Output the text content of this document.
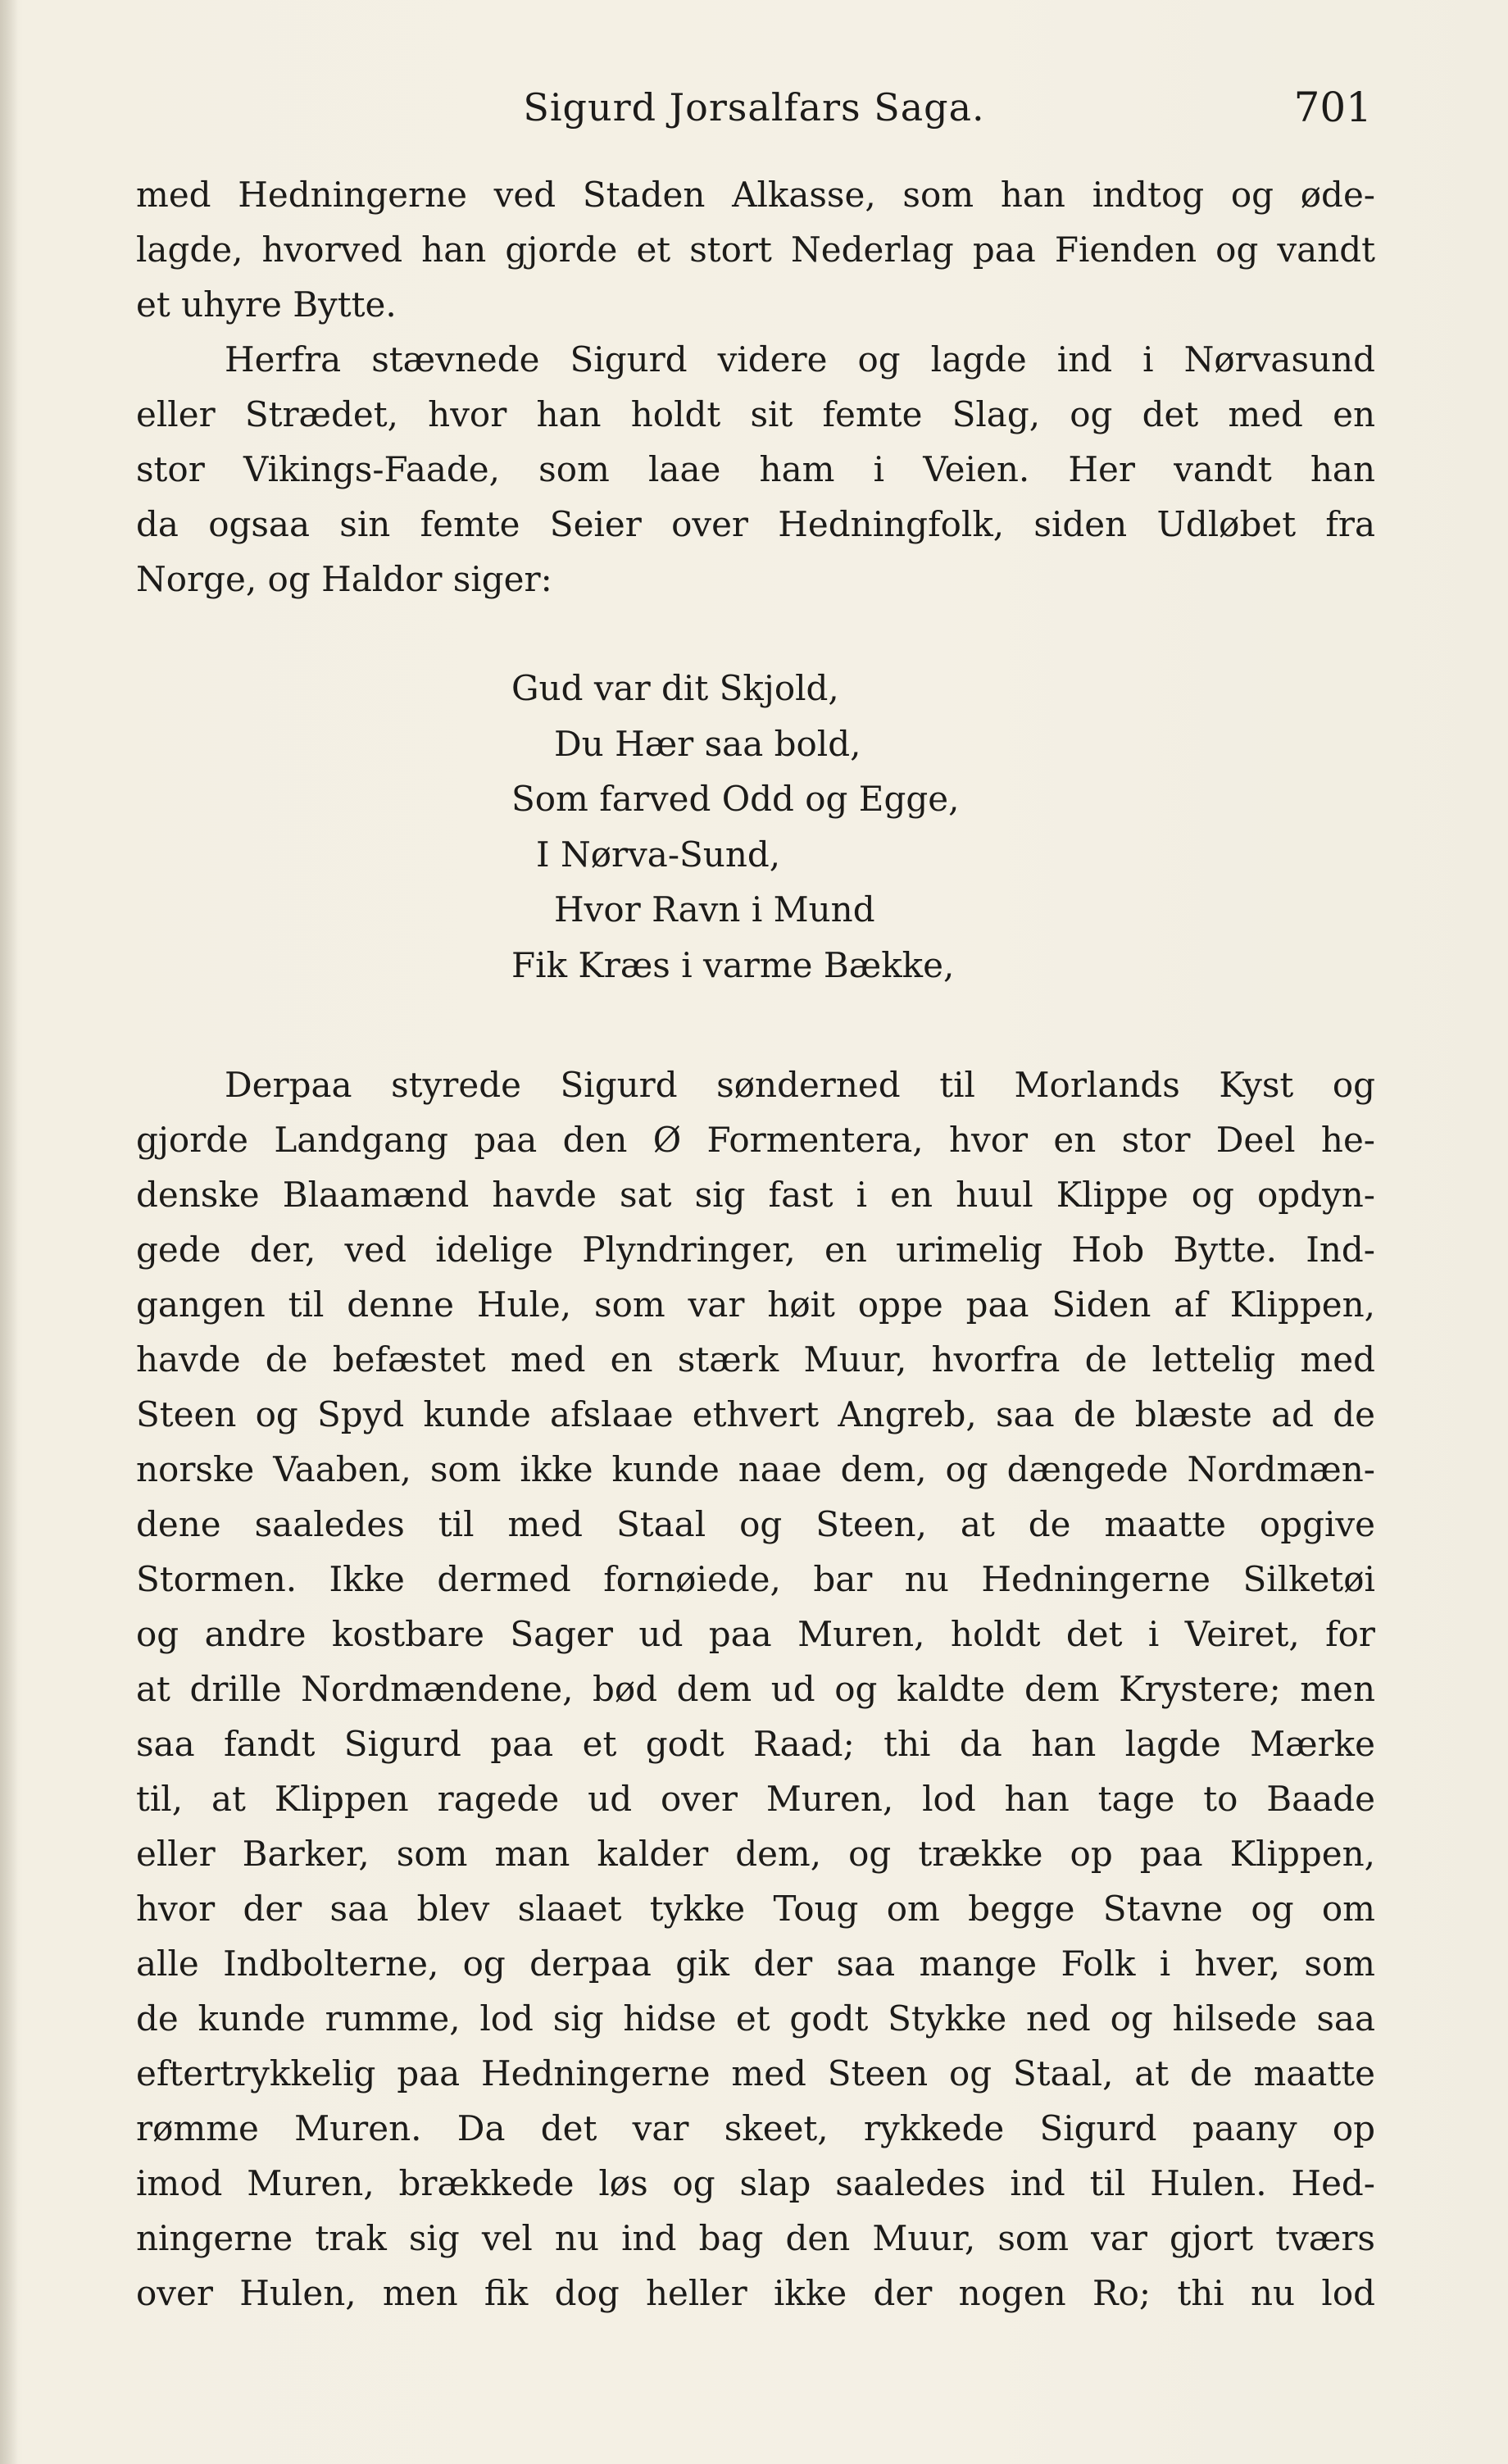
Sigurd Jorsalfars Saga.	701
med Hedningerne ved Staden Alkasse, som han indtog og øde-
lagde, hvorved han gjorde et stort Nederlag paa Fienden og vandt
et uhyre Bytte.
Herfra stævnede Sigurd videre og lagde ind i Nørvasund
eller Strædet, hvor han holdt sit femte Slag, og det med en
stor Vikings-Faade, som laae ham i Veien. Her vandt han
da ogsaa sin femte Seier over Hedningfolk, siden Udløbet fra
Norge, og Haldor siger:
Gud var dit Skjold,
Du Hær saa bold,
Som farved Odd og Egge,
I Nørva-Sund,
Hvor Ravn i Mund
Fik Kræs i varme Bække,
Derpaa styrede Sigurd sønderned til Morlands Kyst og
gjorde Landgang paa den Ø Formentera, hvor en stor Deel he-
denske Blaamænd havde sat sig fast i en huul Klippe og opdyn-
gede der, ved idelige Plyndringer, en urimelig Hob Bytte. Ind-
gangen til denne Hule, som var høit oppe paa Siden af Klippen,
havde de befæstet med en stærk Muur, hvorfra de lettelig med
Steen og Spyd kunde afslaae ethvert Angreb, saa de blæste ad de
norske Vaaben, som ikke kunde naae dem, og dængede Nordmæn-
dene saaledes til med Staal og Steen, at de maatte opgive
Stormen. Ikke dermed fornøiede, bar nu Hedningerne Silketøi
og andre kostbare Sager ud paa Muren, holdt det i Veiret, for
at drille Nordmændene, bød dem ud og kaldte dem Krystere; men
saa fandt Sigurd paa et godt Raad; thi da han lagde Mærke
til, at Klippen ragede ud over Muren, lod han tage to Baade
eller Barker, som man kalder dem, og trække op paa Klippen,
hvor der saa blev slaaet tykke Toug om begge Stavne og om
alle Indbolterne, og derpaa gik der saa mange Folk i hver, som
de kunde rumme, lod sig hidse et godt Stykke ned og hilsede saa
eftertrykkelig paa Hedningerne med Steen og Staal, at de maatte
rømme Muren. Da det var skeet, rykkede Sigurd paany op
imod Muren, brækkede løs og slap saaledes ind til Hulen. Hed-
ningerne trak sig vel nu ind bag den Muur, som var gjort tværs
over Hulen, men fik dog heller ikke der nogen Ro; thi nu lod
